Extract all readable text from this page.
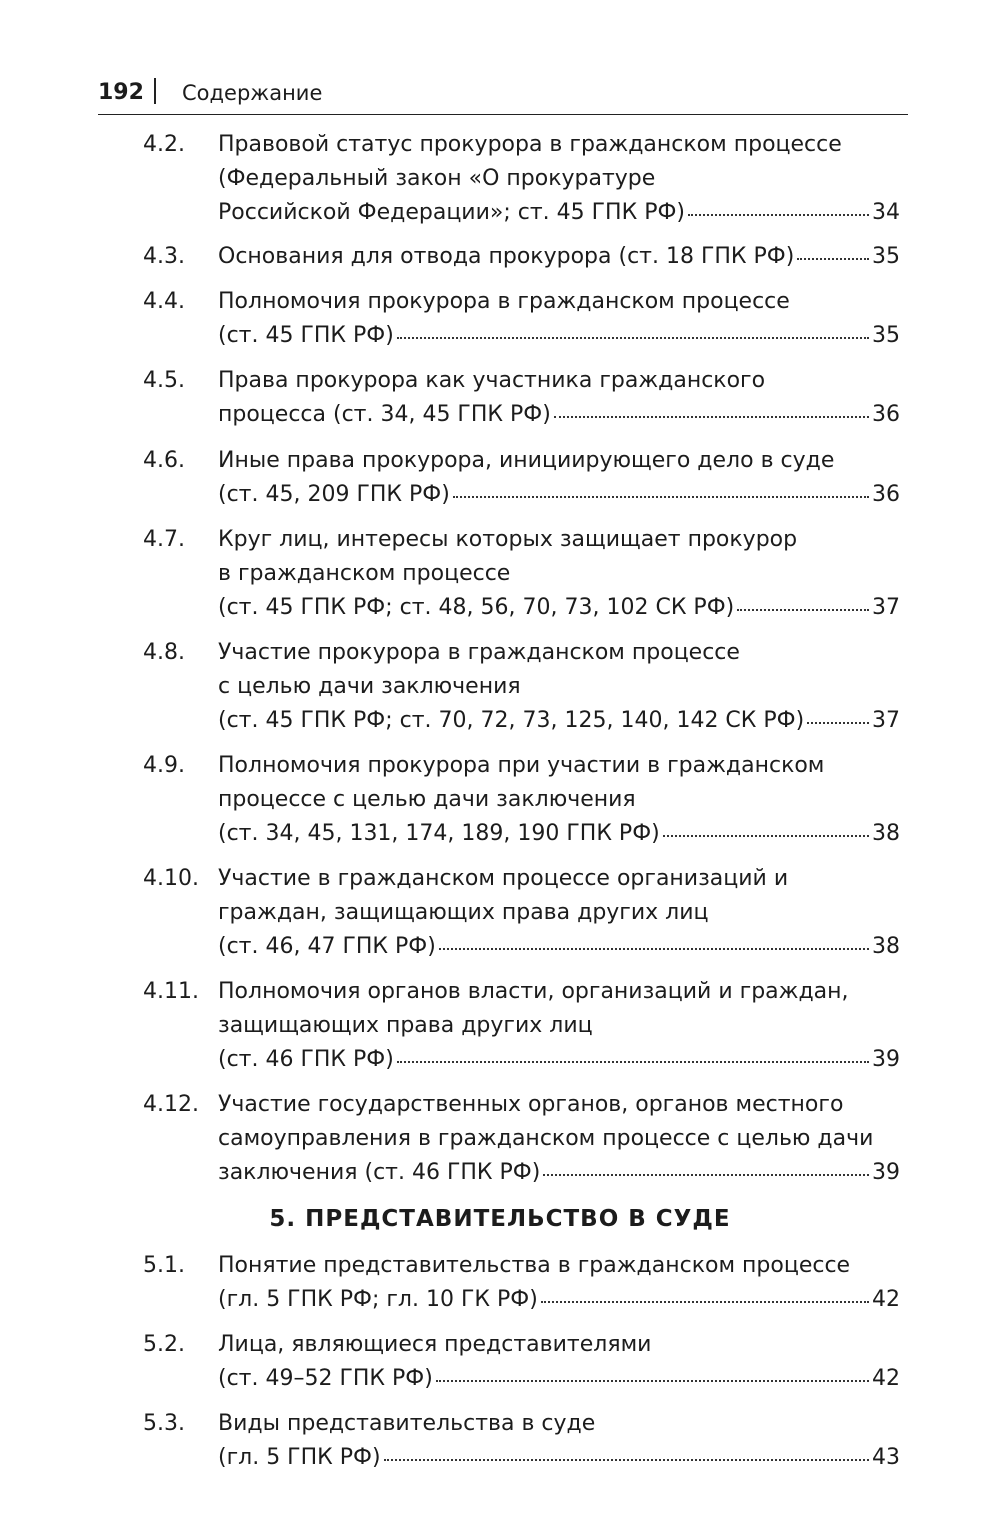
192 Содержание
4.2. Правовой статус прокурора в гражданском процессе
(Федеральный закон «О прокуратуре
Российской Федерации»; ст. 45 ГПК РФ)	34
4.3. Основания для отвода прокурора (ст. 18 ГПК РФ)	35
4.4. Полномочия прокурора в гражданском процессе
(ст. 45 ГПК РФ)	35
4.5. Права прокурора как участника гражданского
процесса (ст. 34, 45 ГПК РФ)	36
4.6. Иные права прокурора, инициирующего дело в суде
(ст. 45, 209 ГПК РФ)	36
4.7. Круг лиц, интересы которых защищает прокурор
в гражданском процессе
(ст. 45 ГПК РФ; ст. 48, 56, 70, 73, 102 СК РФ)	37
4.8. Участие прокурора в гражданском процессе
с целью дачи заключения
(ст. 45 ГПК РФ; ст. 70, 72, 73, 125, 140, 142 СК РФ)	37
4.9. Полномочия прокурора при участии в гражданском
процессе с целью дачи заключения
(ст. 34, 45, 131, 174, 189, 190 ГПК РФ)	38
4.10. Участие в гражданском процессе организаций и
граждан, защищающих права других лиц
(ст. 46, 47 ГПК РФ)	38
4.11. Полномочия органов власти, организаций и граждан,
защищающих права других лиц
(ст. 46 ГПК РФ)	39
4.12. Участие государственных органов, органов местного
самоуправления в гражданском процессе с целью дачи
заключения (ст. 46 ГПК РФ)	39
5. ПРЕДСТАВИТЕЛЬСТВО В СУДЕ
5.1. Понятие представительства в гражданском процессе
(гл. 5 ГПК РФ; гл. 10 ГК РФ)	42
5.2. Лица, являющиеся представителями
(ст. 49–52 ГПК РФ)	42
5.3. Виды представительства в суде
(гл. 5 ГПК РФ)	43
